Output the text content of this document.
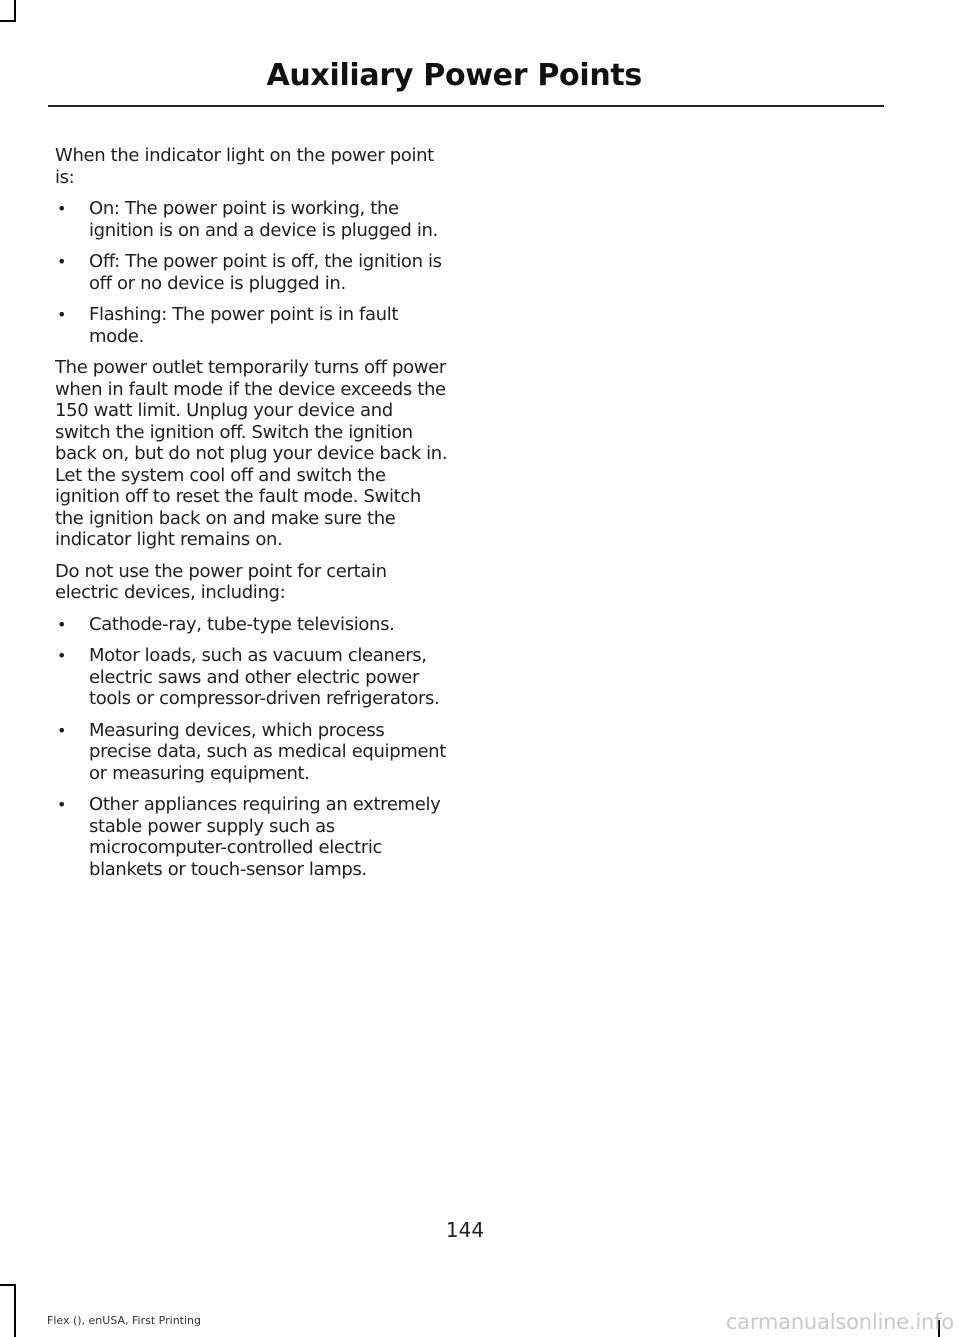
Auxiliary Power Points

When the indicator light on the power point is:

• On: The power point is working, the ignition is on and a device is plugged in.
• Off: The power point is off, the ignition is off or no device is plugged in.
• Flashing: The power point is in fault mode.

The power outlet temporarily turns off power when in fault mode if the device exceeds the 150 watt limit. Unplug your device and switch the ignition off. Switch the ignition back on, but do not plug your device back in. Let the system cool off and switch the ignition off to reset the fault mode. Switch the ignition back on and make sure the indicator light remains on.

Do not use the power point for certain electric devices, including:

• Cathode-ray, tube-type televisions.
• Motor loads, such as vacuum cleaners, electric saws and other electric power tools or compressor-driven refrigerators.
• Measuring devices, which process precise data, such as medical equipment or measuring equipment.
• Other appliances requiring an extremely stable power supply such as microcomputer-controlled electric blankets or touch-sensor lamps.
144
Flex (), enUSA, First Printing	carmanualsonline.info
